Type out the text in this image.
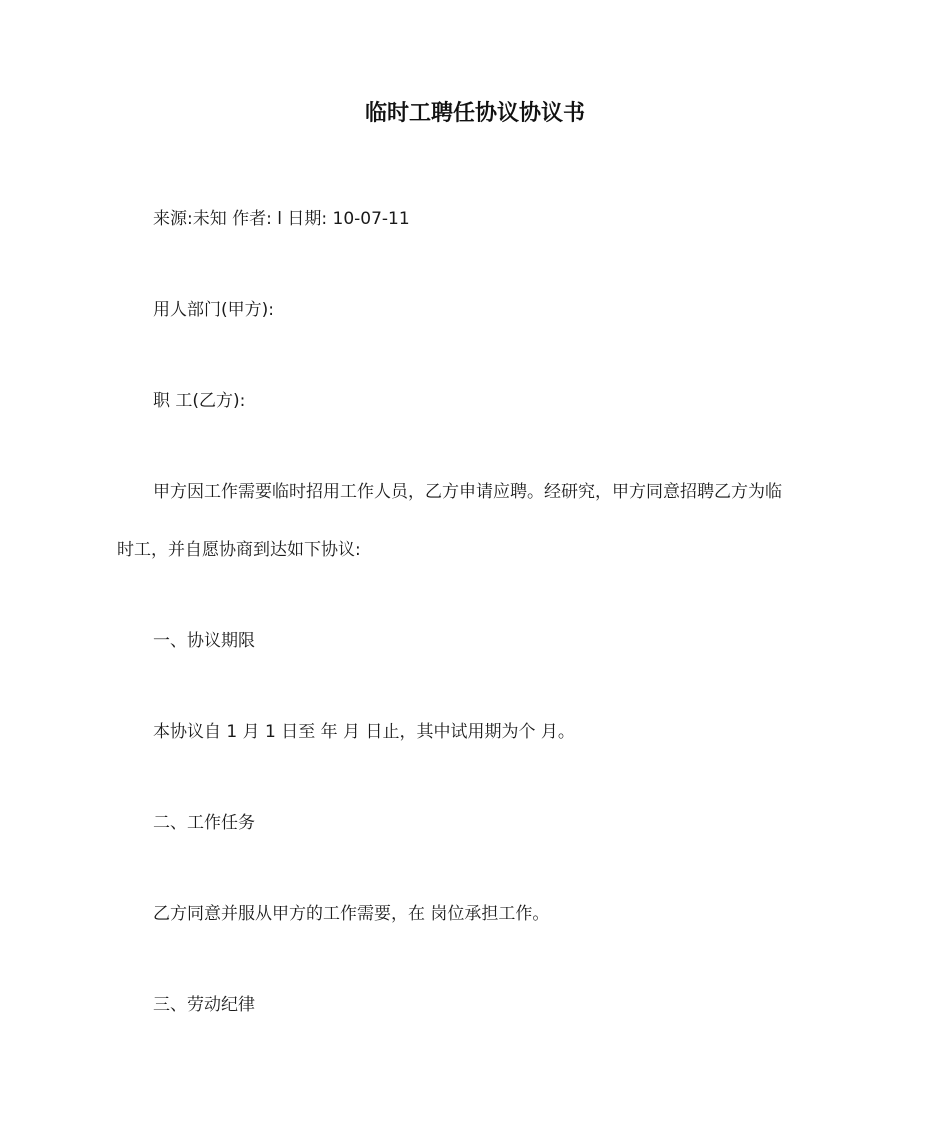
临时工聘任协议协议书
来源:未知 作者: l 日期: 10-07-11
用人部门(甲方):
职 工(乙方):
甲方因工作需要临时招用工作人员，乙方申请应聘。经研究，甲方同意招聘乙方为临
时工，并自愿协商到达如下协议:
一、协议期限
本协议自 1 月 1 日至 年 月 日止，其中试用期为个 月。
二、工作任务
乙方同意并服从甲方的工作需要，在 岗位承担工作。
三、劳动纪律
